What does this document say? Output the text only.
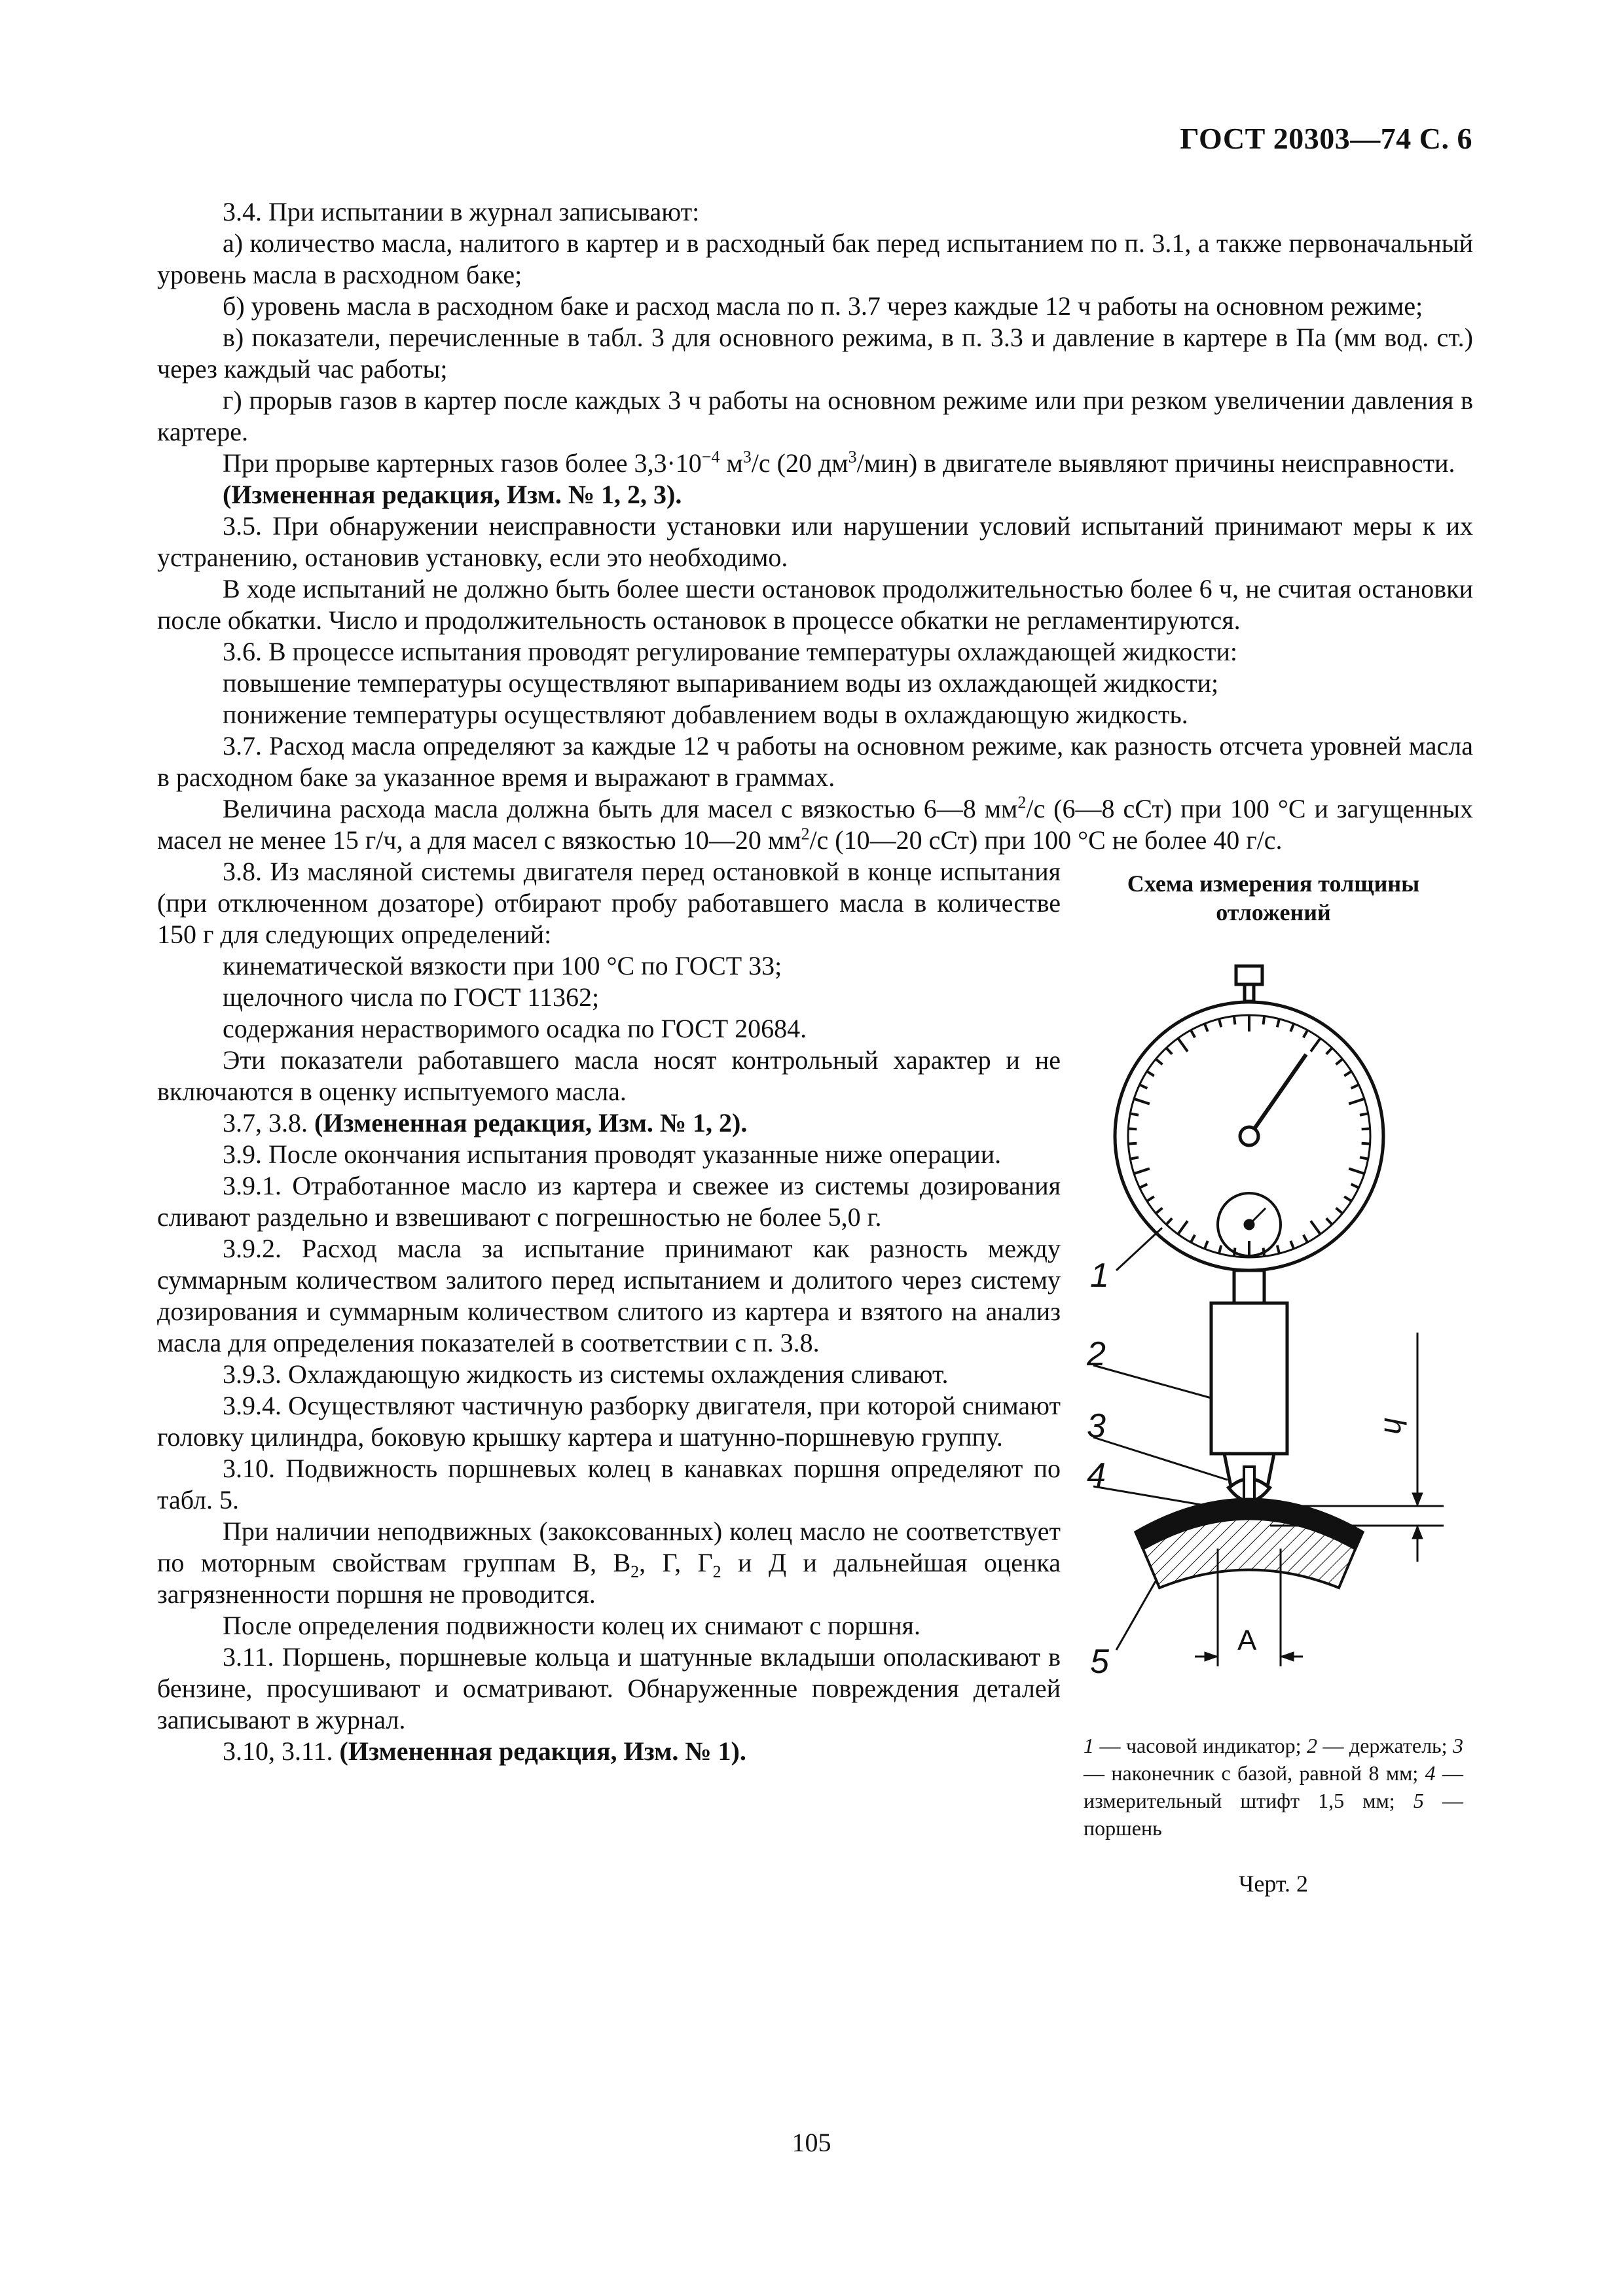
ГОСТ 20303—74 С. 6

3.4. При испытании в журнал записывают:

а) количество масла, налитого в картер и в расходный бак перед испытанием по п. 3.1, а также первоначальный уровень масла в расходном баке;

б) уровень масла в расходном баке и расход масла по п. 3.7 через каждые 12 ч работы на основном режиме;

в) показатели, перечисленные в табл. 3 для основного режима, в п. 3.3 и давление в картере в Па (мм вод. ст.) через каждый час работы;

г) прорыв газов в картер после каждых 3 ч работы на основном режиме или при резком увеличении давления в картере.

При прорыве картерных газов более $3,3\cdot 10^{-4}$ $м^3/с$ (20 $дм^3/мин$) в двигателе выявляют причины неисправности.

(Измененная редакция, Изм. № 1, 2, 3).

3.5. При обнаружении неисправности установки или нарушении условий испытаний принимают меры к их устранению, остановив установку, если это необходимо.

В ходе испытаний не должно быть более шести остановок продолжительностью более 6 ч, не считая остановки после обкатки. Число и продолжительность остановок в процессе обкатки не регламентируются.

3.6. В процессе испытания проводят регулирование температуры охлаждающей жидкости:

повышение температуры осуществляют выпариванием воды из охлаждающей жидкости;

понижение температуры осуществляют добавлением воды в охлаждающую жидкость.

3.7. Расход масла определяют за каждые 12 ч работы на основном режиме, как разность отсчета уровней масла в расходном баке за указанное время и выражают в граммах.

Величина расхода масла должна быть для масел с вязкостью 6—8 $мм^2/с$ (6—8 сСт) при 100 °С и загущенных масел не менее 15 г/ч, а для масел с вязкостью 10—20 $мм^2/с$ (10—20 сСт) при 100 °С не более 40 г/с.

3.8. Из масляной системы двигателя перед остановкой в конце испытания (при отключенном дозаторе) отбирают пробу работавшего масла в количестве 150 г для следующих определений:

кинематической вязкости при 100 °С по ГОСТ 33;

щелочного числа по ГОСТ 11362;

содержания нерастворимого осадка по ГОСТ 20684.

Эти показатели работавшего масла носят контрольный характер и не включаются в оценку испытуемого масла.

3.7, 3.8. (Измененная редакция, Изм. № 1, 2).

3.9. После окончания испытания проводят указанные ниже операции.

3.9.1. Отработанное масло из картера и свежее из системы дозирования сливают раздельно и взвешивают с погрешностью не более 5,0 г.

3.9.2. Расход масла за испытание принимают как разность между суммарным количеством залитого перед испытанием и долитого через систему дозирования и суммарным количеством слитого из картера и взятого на анализ масла для определения показателей в соответствии с п. 3.8.

3.9.3. Охлаждающую жидкость из системы охлаждения сливают.

3.9.4. Осуществляют частичную разборку двигателя, при которой снимают головку цилиндра, боковую крышку картера и шатунно-поршневую группу.

3.10. Подвижность поршневых колец в канавках поршня определяют по табл. 5.

При наличии неподвижных (закоксованных) колец масло не соответствует по моторным свойствам группам В, $В_2$, Г, $Г_2$ и Д и дальнейшая оценка загрязненности поршня не проводится.

После определения подвижности колец их снимают с поршня.

3.11. Поршень, поршневые кольца и шатунные вкладыши ополаскивают в бензине, просушивают и осматривают. Обнаруженные повреждения деталей записывают в журнал.

3.10, 3.11. (Измененная редакция, Изм. № 1).

Схема измерения толщины отложений
1
2
3
4
5
А
h
1 — часовой индикатор; 2 — держатель; 3 — наконечник с базой, равной 8 мм; 4 — измерительный штифт 1,5 мм; 5 — поршень
Черт. 2
105
